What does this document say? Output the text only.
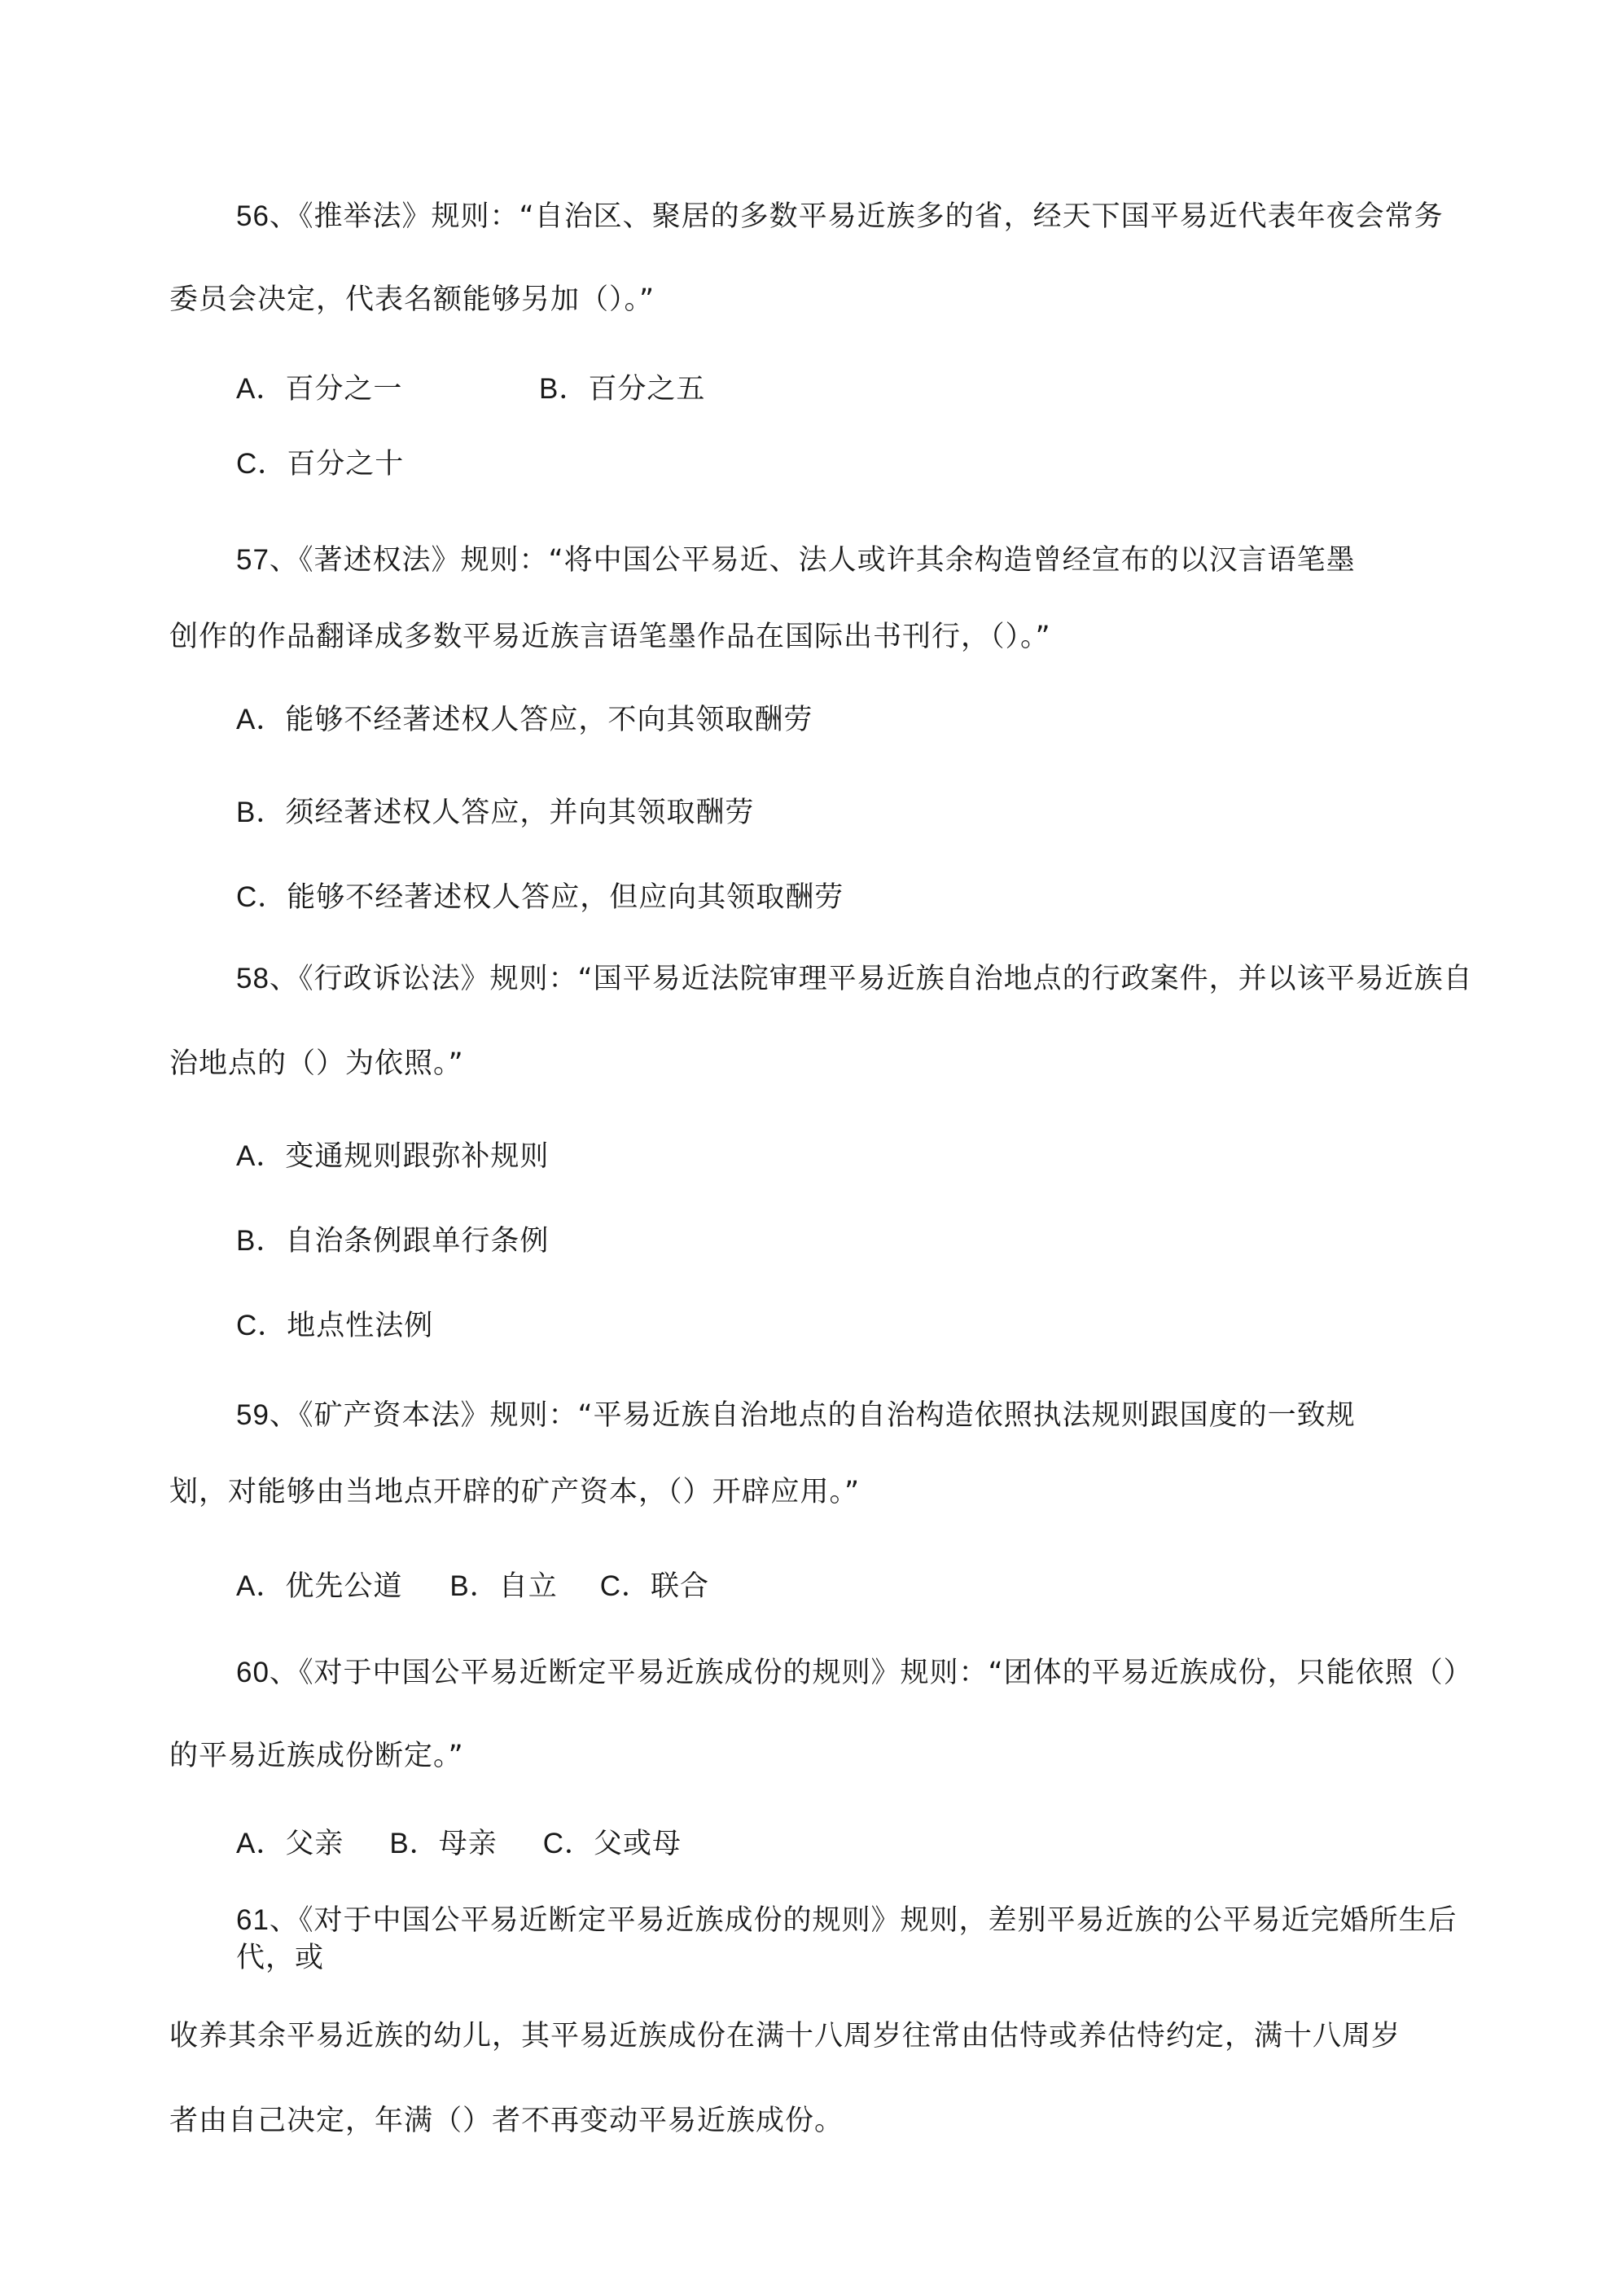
56、《推举法》规则：“自治区、聚居的多数平易近族多的省，经天下国平易近代表年夜会常务
委员会决定，代表名额能够另加（）。”
A．百分之一	B．百分之五
C．百分之十
57、《著述权法》规则：“将中国公平易近、法人或许其余构造曾经宣布的以汉言语笔墨
创作的作品翻译成多数平易近族言语笔墨作品在国际出书刊行，（）。”
A．能够不经著述权人答应，不向其领取酬劳
B．须经著述权人答应，并向其领取酬劳
C．能够不经著述权人答应，但应向其领取酬劳
58、《行政诉讼法》规则：“国平易近法院审理平易近族自治地点的行政案件，并以该平易近族自
治地点的（）为依照。”
A．变通规则跟弥补规则
B．自治条例跟单行条例
C．地点性法例
59、《矿产资本法》规则：“平易近族自治地点的自治构造依照执法规则跟国度的一致规
划，对能够由当地点开辟的矿产资本，（）开辟应用。”
A．优先公道 B．自立 C．联合
60、《对于中国公平易近断定平易近族成份的规则》规则：“团体的平易近族成份，只能依照（）
的平易近族成份断定。”
A．父亲 B．母亲 C．父或母
61、《对于中国公平易近断定平易近族成份的规则》规则，差别平易近族的公平易近完婚所生后
代，或
收养其余平易近族的幼儿，其平易近族成份在满十八周岁往常由估恃或养估恃约定，满十八周岁
者由自己决定，年满（）者不再变动平易近族成份。
